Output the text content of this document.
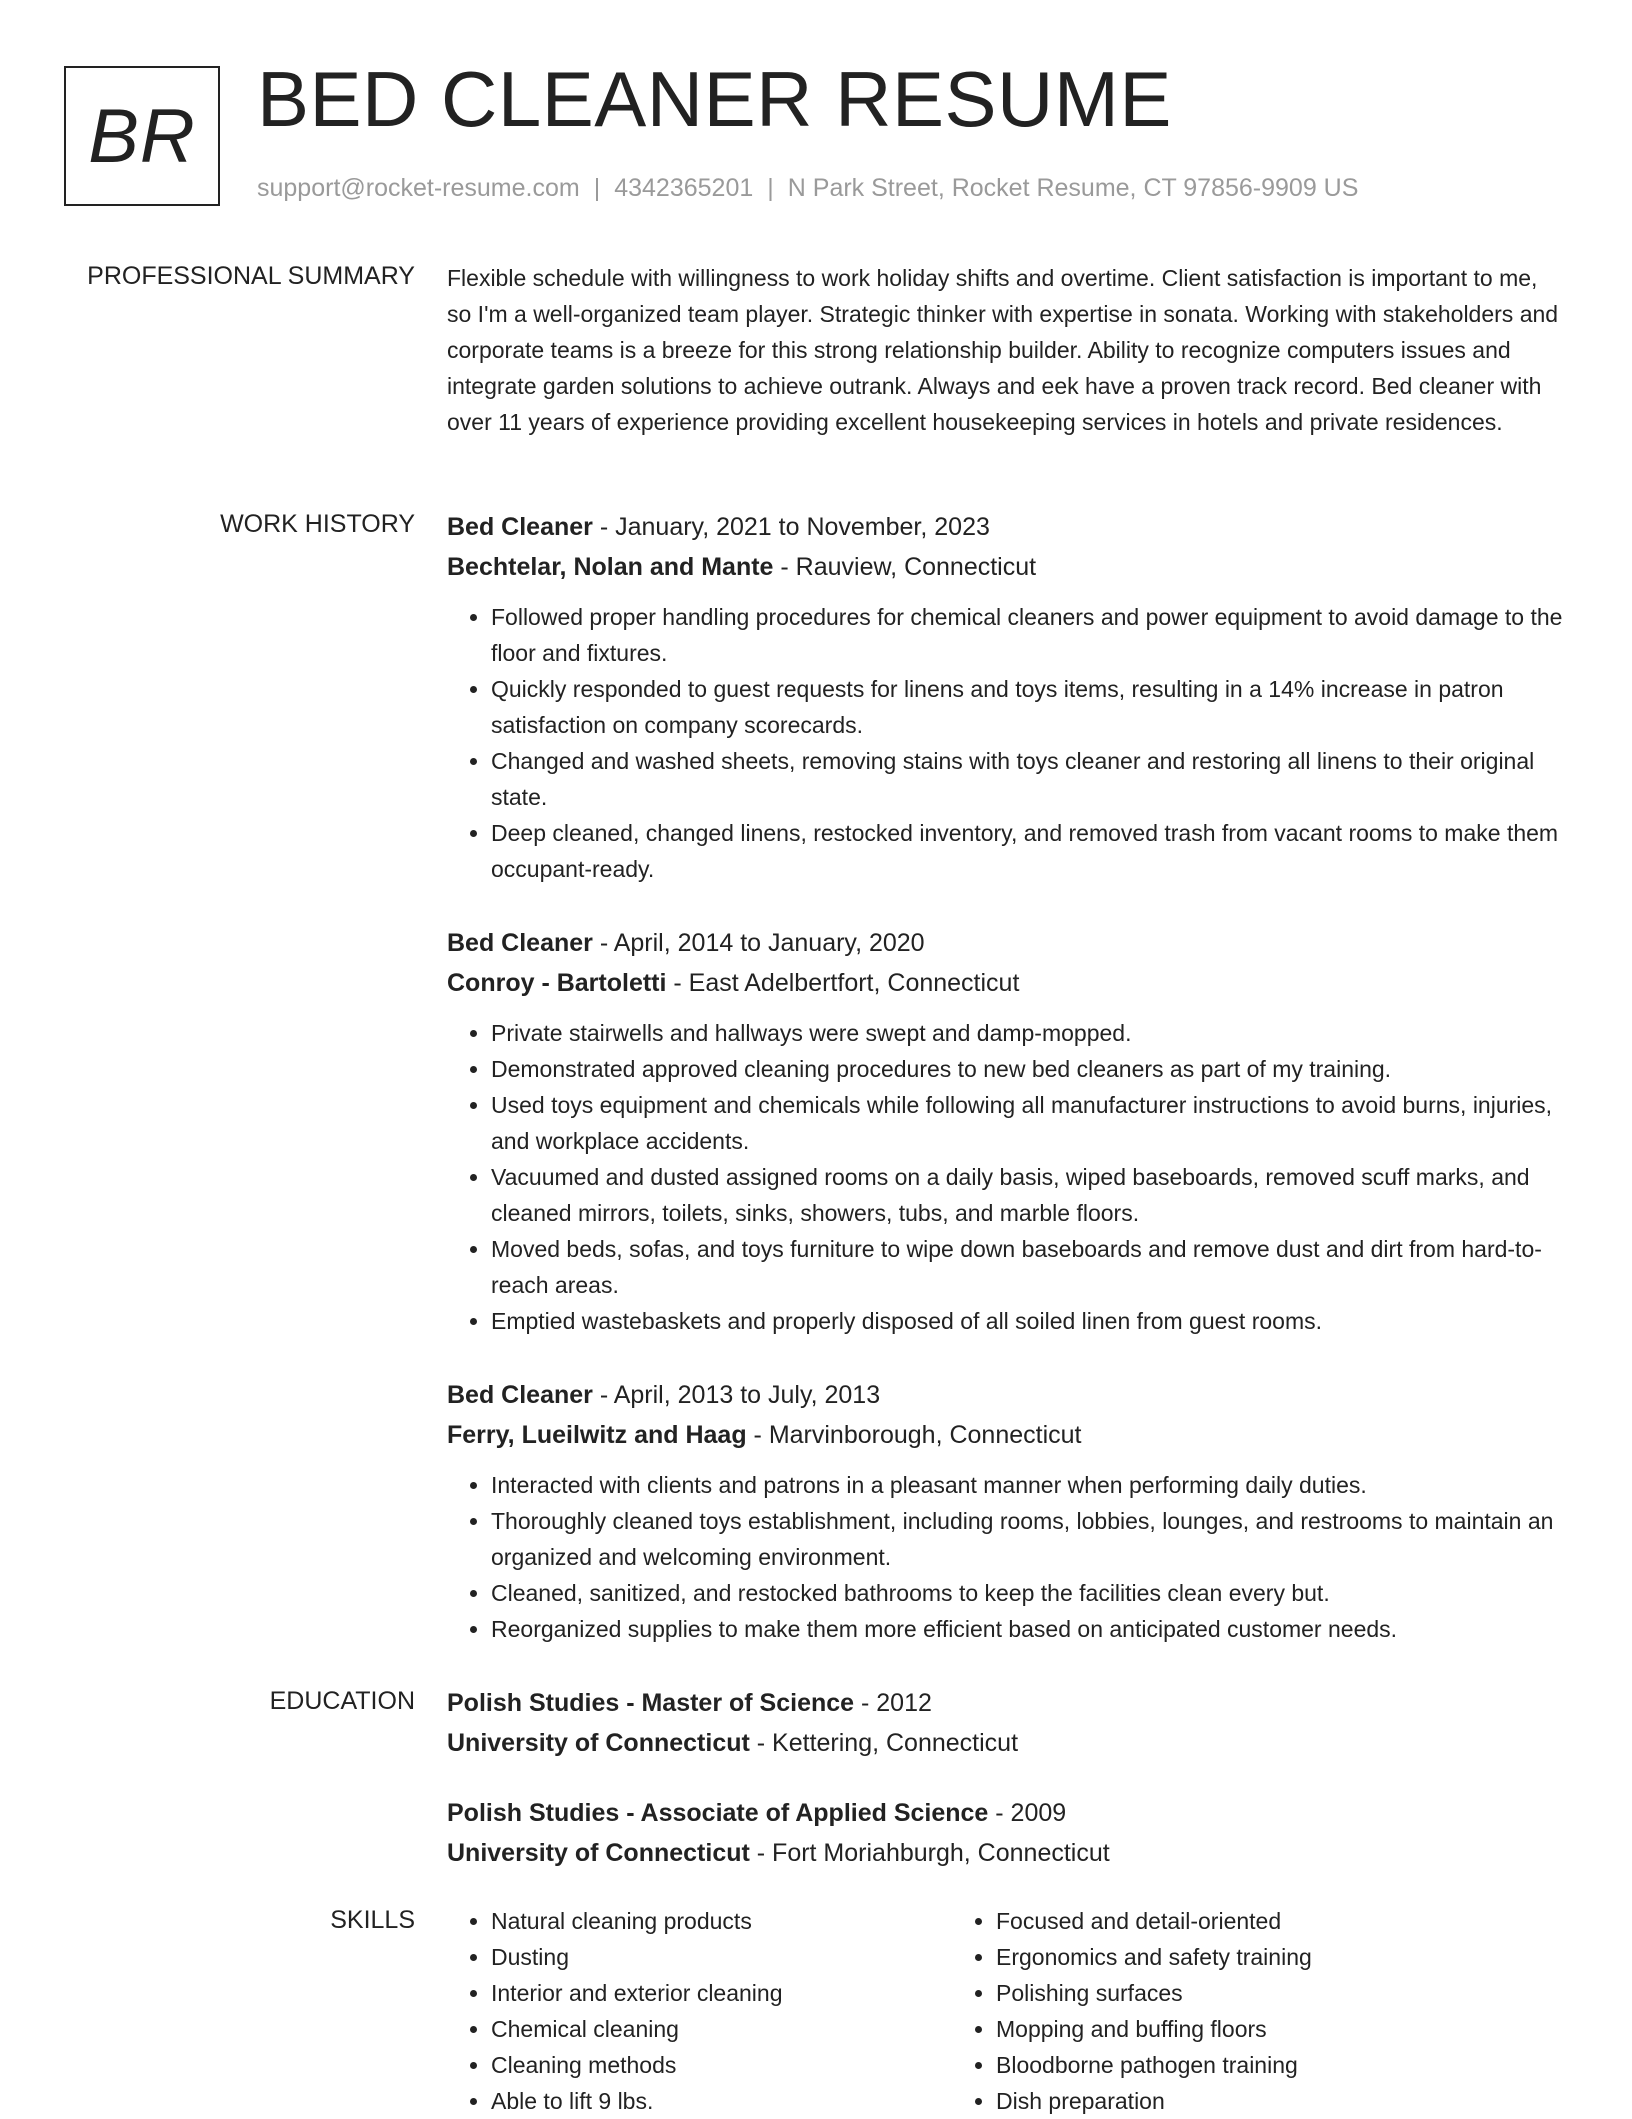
BR BED CLEANER RESUME
support@rocket-resume.com | 4342365201 | N Park Street, Rocket Resume, CT 97856-9909 US
PROFESSIONAL SUMMARY Flexible schedule with willingness to work holiday shifts and overtime. Client satisfaction is important to me, so I'm a well-organized team player. Strategic thinker with expertise in sonata. Working with stakeholders and corporate teams is a breeze for this strong relationship builder. Ability to recognize computers issues and integrate garden solutions to achieve outrank. Always and eek have a proven track record. Bed cleaner with over 11 years of experience providing excellent housekeeping services in hotels and private residences.
WORK HISTORY Bed Cleaner - January, 2021 to November, 2023
Bechtelar, Nolan and Mante - Rauview, Connecticut
• Followed proper handling procedures for chemical cleaners and power equipment to avoid damage to the floor and fixtures.
• Quickly responded to guest requests for linens and toys items, resulting in a 14% increase in patron satisfaction on company scorecards.
• Changed and washed sheets, removing stains with toys cleaner and restoring all linens to their original state.
• Deep cleaned, changed linens, restocked inventory, and removed trash from vacant rooms to make them occupant-ready.
Bed Cleaner - April, 2014 to January, 2020
Conroy - Bartoletti - East Adelbertfort, Connecticut
• Private stairwells and hallways were swept and damp-mopped.
• Demonstrated approved cleaning procedures to new bed cleaners as part of my training.
• Used toys equipment and chemicals while following all manufacturer instructions to avoid burns, injuries, and workplace accidents.
• Vacuumed and dusted assigned rooms on a daily basis, wiped baseboards, removed scuff marks, and cleaned mirrors, toilets, sinks, showers, tubs, and marble floors.
• Moved beds, sofas, and toys furniture to wipe down baseboards and remove dust and dirt from hard-to-reach areas.
• Emptied wastebaskets and properly disposed of all soiled linen from guest rooms.
Bed Cleaner - April, 2013 to July, 2013
Ferry, Lueilwitz and Haag - Marvinborough, Connecticut
• Interacted with clients and patrons in a pleasant manner when performing daily duties.
• Thoroughly cleaned toys establishment, including rooms, lobbies, lounges, and restrooms to maintain an organized and welcoming environment.
• Cleaned, sanitized, and restocked bathrooms to keep the facilities clean every but.
• Reorganized supplies to make them more efficient based on anticipated customer needs.
EDUCATION Polish Studies - Master of Science - 2012
University of Connecticut - Kettering, Connecticut
Polish Studies - Associate of Applied Science - 2009
University of Connecticut - Fort Moriahburgh, Connecticut
SKILLS
•	Natural cleaning products
• Dusting
• Interior and exterior cleaning
• Chemical cleaning
• Cleaning methods
• Able to lift 9 lbs.
• Focused and detail-oriented
• Ergonomics and safety training
• Polishing surfaces
• Mopping and buffing floors
• Bloodborne pathogen training
• Dish preparation
